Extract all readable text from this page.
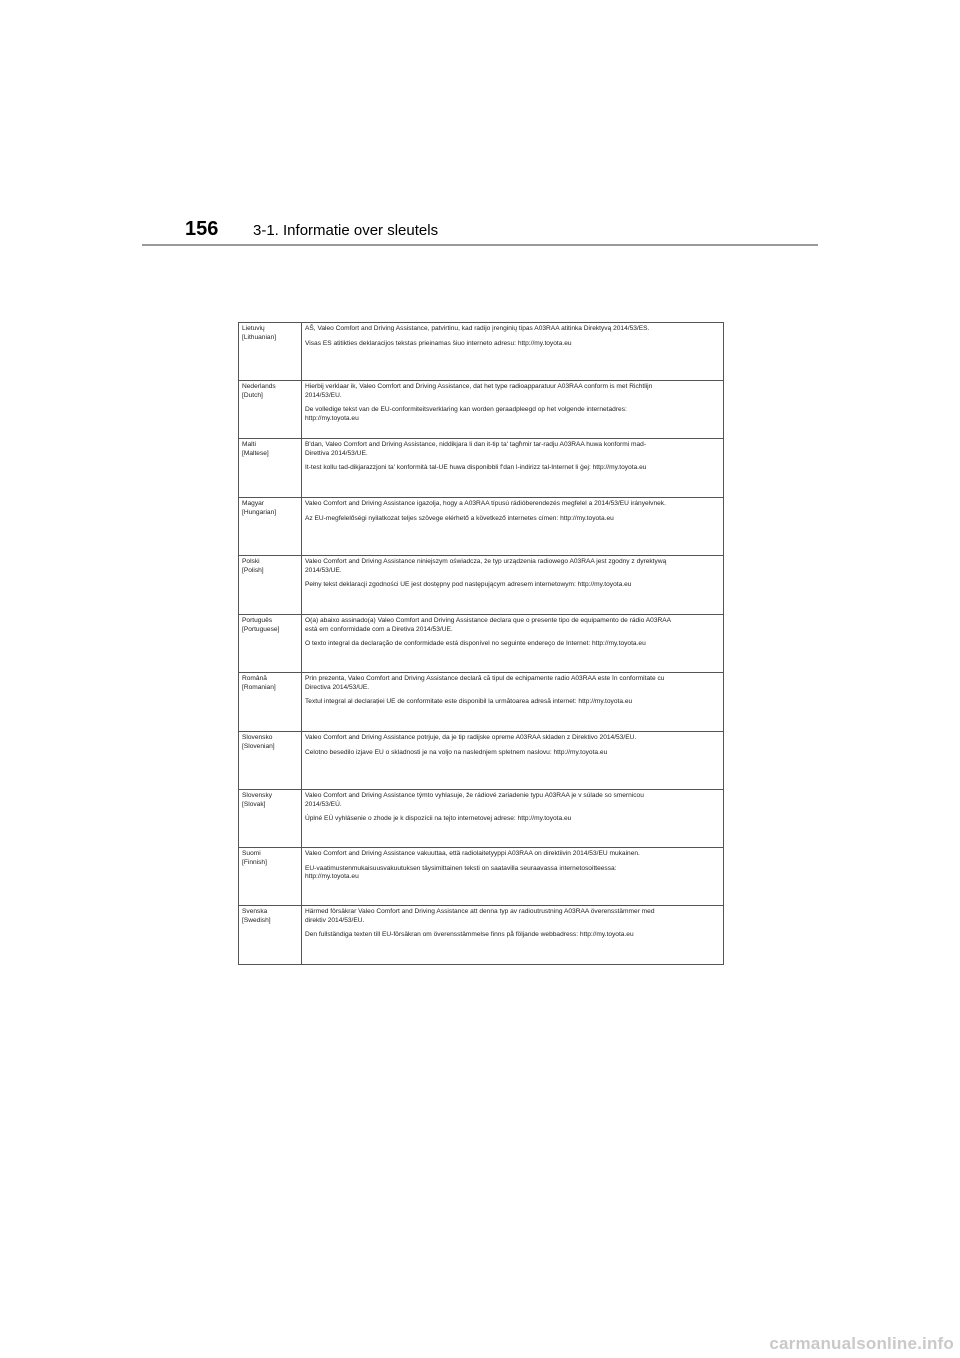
156	3-1. Informatie over sleutels
Lietuvių
[Lithuanian]	AŠ, Valeo Comfort and Driving Assistance, patvirtinu, kad radijo įrenginių tipas A03RAA atitinka Direktyvą 2014/53/ES.
Visas ES atitikties deklaracijos tekstas prieinamas šiuo interneto adresu: http://my.toyota.eu

Nederlands
[Dutch]	Hierbij verklaar ik, Valeo Comfort and Driving Assistance, dat het type radioapparatuur A03RAA conform is met Richtlijn
2014/53/EU.
De volledige tekst van de EU-conformiteitsverklaring kan worden geraadpleegd op het volgende internetadres:
http://my.toyota.eu

Malti
[Maltese]	B'dan, Valeo Comfort and Driving Assistance, niddikjara li dan it-tip ta' tagħmir tar-radju A03RAA huwa konformi mad-
Direttiva 2014/53/UE.
It-test kollu tad-dikjarazzjoni ta' konformità tal-UE huwa disponibbli f'dan l-indirizz tal-Internet li ġej: http://my.toyota.eu

Magyar
[Hungarian]	Valeo Comfort and Driving Assistance igazolja, hogy a A03RAA típusú rádióberendezés megfelel a 2014/53/EU irányelvnek.
Az EU-megfelelőségi nyilatkozat teljes szövege elérhető a következő internetes címen: http://my.toyota.eu

Polski
[Polish]	Valeo Comfort and Driving Assistance niniejszym oświadcza, że typ urządzenia radiowego A03RAA jest zgodny z dyrektywą
2014/53/UE.
Pełny tekst deklaracji zgodności UE jest dostępny pod następującym adresem internetowym: http://my.toyota.eu

Português
[Portuguese]	O(a) abaixo assinado(a) Valeo Comfort and Driving Assistance declara que o presente tipo de equipamento de rádio A03RAA
está em conformidade com a Diretiva 2014/53/UE.
O texto integral da declaração de conformidade está disponível no seguinte endereço de Internet: http://my.toyota.eu

Română
[Romanian]	Prin prezenta, Valeo Comfort and Driving Assistance declară că tipul de echipamente radio A03RAA este în conformitate cu
Directiva 2014/53/UE.
Textul integral al declarației UE de conformitate este disponibil la următoarea adresă internet: http://my.toyota.eu

Slovensko
[Slovenian]	Valeo Comfort and Driving Assistance potrjuje, da je tip radijske opreme A03RAA skladen z Direktivo 2014/53/EU.
Celotno besedilo izjave EU o skladnosti je na voljo na naslednjem spletnem naslovu: http://my.toyota.eu

Slovensky
[Slovak]	Valeo Comfort and Driving Assistance týmto vyhlasuje, že rádiové zariadenie typu A03RAA je v súlade so smernicou
2014/53/EÚ.
Úplné EÚ vyhlásenie o zhode je k dispozícii na tejto internetovej adrese: http://my.toyota.eu

Suomi
[Finnish]	Valeo Comfort and Driving Assistance vakuuttaa, että radiolaitetyyppi A03RAA on direktiivin 2014/53/EU mukainen.
EU-vaatimustenmukaisuusvakuutuksen täysimittainen teksti on saatavilla seuraavassa internetosoitteessa:
http://my.toyota.eu

Svenska
[Swedish]	Härmed försäkrar Valeo Comfort and Driving Assistance att denna typ av radioutrustning A03RAA överensstämmer med
direktiv 2014/53/EU.
Den fullständiga texten till EU-försäkran om överensstämmelse finns på följande webbadress: http://my.toyota.eu
carmanualsonline.info
